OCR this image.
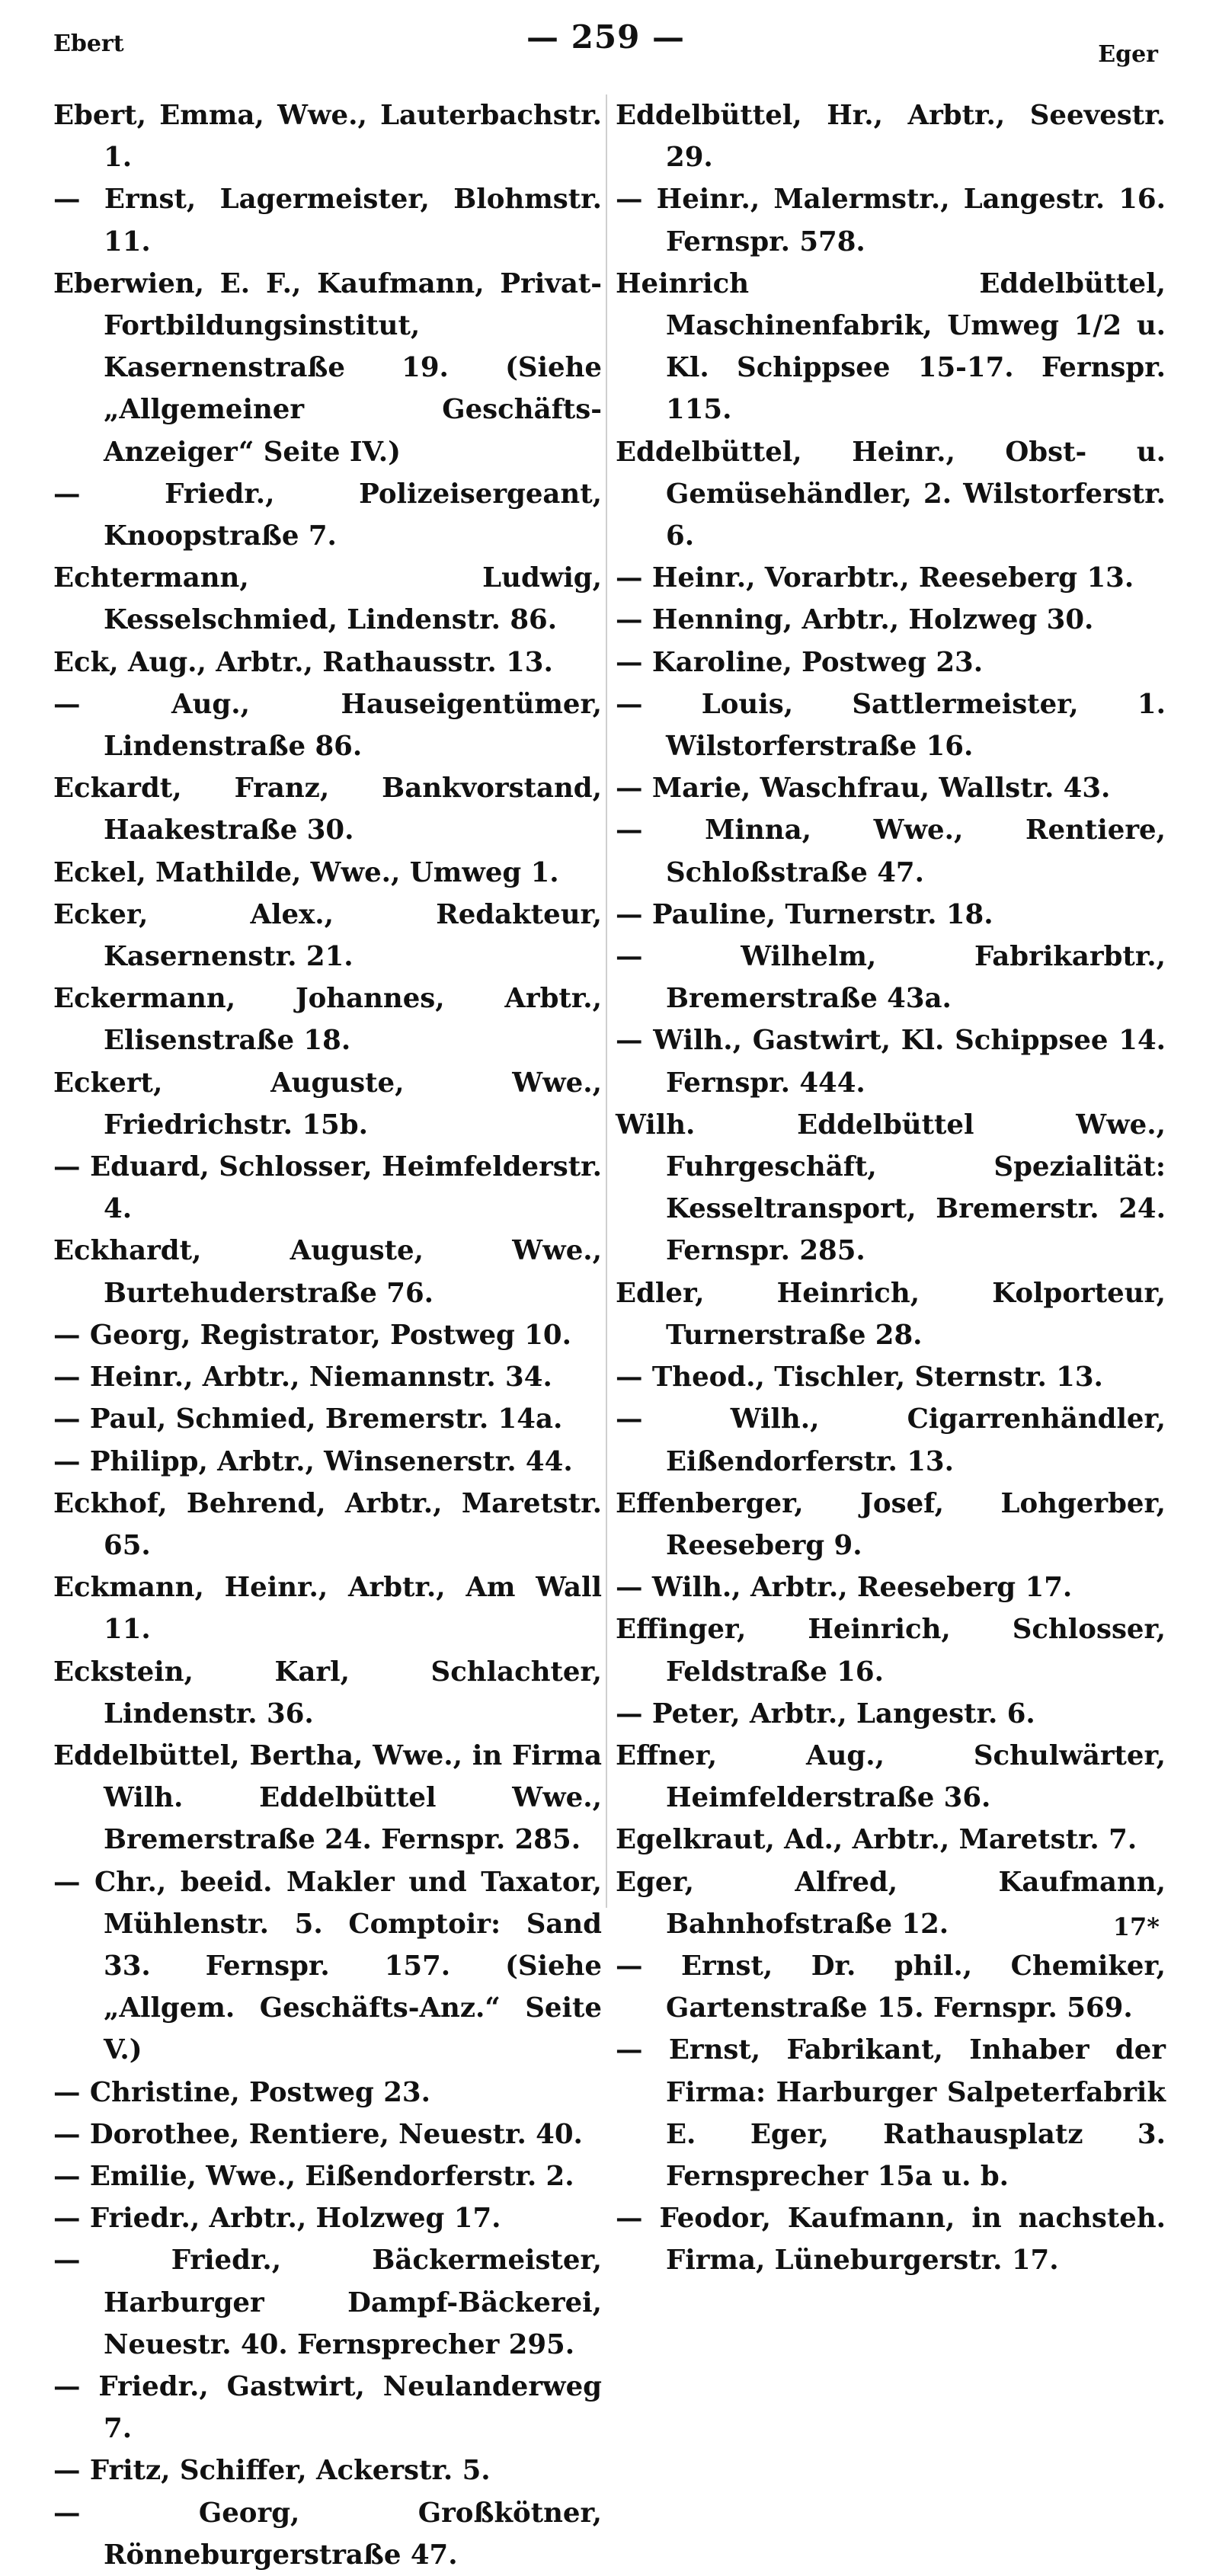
Ebert	— 259 —	Eger

Ebert, Emma, Wwe., Lauterbachstr. 1.

— Ernst, Lagermeister, Blohmstr. 11.

Eberwien, E. F., Kaufmann, Privat-Fortbildungsinstitut, Kasernenstraße 19. (Siehe „Allgemeiner Geschäfts-Anzeiger“ Seite IV.)

— Friedr., Polizeisergeant, Knoopstraße 7.

Echtermann, Ludwig, Kesselschmied, Lindenstr. 86.

Eck, Aug., Arbtr., Rathausstr. 13.

— Aug., Hauseigentümer, Lindenstraße 86.

Eckardt, Franz, Bankvorstand, Haakestraße 30.

Eckel, Mathilde, Wwe., Umweg 1.

Ecker, Alex., Redakteur, Kasernenstr. 21.

Eckermann, Johannes, Arbtr., Elisenstraße 18.

Eckert, Auguste, Wwe., Friedrichstr. 15b.

— Eduard, Schlosser, Heimfelderstr. 4.

Eckhardt, Auguste, Wwe., Burtehuderstraße 76.

— Georg, Registrator, Postweg 10.

— Heinr., Arbtr., Niemannstr. 34.

— Paul, Schmied, Bremerstr. 14a.

— Philipp, Arbtr., Winsenerstr. 44.

Eckhof, Behrend, Arbtr., Maretstr. 65.

Eckmann, Heinr., Arbtr., Am Wall 11.

Eckstein, Karl, Schlachter, Lindenstr. 36.

Eddelbüttel, Bertha, Wwe., in Firma Wilh. Eddelbüttel Wwe., Bremerstraße 24. Fernspr. 285.

— Chr., beeid. Makler und Taxator, Mühlenstr. 5. Comptoir: Sand 33. Fernspr. 157. (Siehe „Allgem. Geschäfts-Anz.“ Seite V.)

— Christine, Postweg 23.

— Dorothee, Rentiere, Neuestr. 40.

— Emilie, Wwe., Eißendorferstr. 2.

— Friedr., Arbtr., Holzweg 17.

— Friedr., Bäckermeister, Harburger Dampf-Bäckerei, Neuestr. 40. Fernsprecher 295.

— Friedr., Gastwirt, Neulanderweg 7.

— Fritz, Schiffer, Ackerstr. 5.

— Georg, Großkötner, Rönneburgerstraße 47.

Eddelbüttel, Hr., Arbtr., Seevestr. 29.

— Heinr., Malermstr., Langestr. 16. Fernspr. 578.

Heinrich Eddelbüttel, Maschinenfabrik, Umweg 1/2 u. Kl. Schippsee 15-17. Fernspr. 115.

Eddelbüttel, Heinr., Obst- u. Gemüsehändler, 2. Wilstorferstr. 6.

— Heinr., Vorarbtr., Reeseberg 13.

— Henning, Arbtr., Holzweg 30.

— Karoline, Postweg 23.

— Louis, Sattlermeister, 1. Wilstorferstraße 16.

— Marie, Waschfrau, Wallstr. 43.

— Minna, Wwe., Rentiere, Schloßstraße 47.

— Pauline, Turnerstr. 18.

— Wilhelm, Fabrikarbtr., Bremerstraße 43a.

— Wilh., Gastwirt, Kl. Schippsee 14. Fernspr. 444.

Wilh. Eddelbüttel Wwe., Fuhrgeschäft, Spezialität: Kesseltransport, Bremerstr. 24. Fernspr. 285.

Edler, Heinrich, Kolporteur, Turnerstraße 28.

— Theod., Tischler, Sternstr. 13.

— Wilh., Cigarrenhändler, Eißendorferstr. 13.

Effenberger, Josef, Lohgerber, Reeseberg 9.

— Wilh., Arbtr., Reeseberg 17.

Effinger, Heinrich, Schlosser, Feldstraße 16.

— Peter, Arbtr., Langestr. 6.

Effner, Aug., Schulwärter, Heimfelderstraße 36.

Egelkraut, Ad., Arbtr., Maretstr. 7.

Eger, Alfred, Kaufmann, Bahnhofstraße 12.

— Ernst, Dr. phil., Chemiker, Gartenstraße 15. Fernspr. 569.

— Ernst, Fabrikant, Inhaber der Firma: Harburger Salpeterfabrik E. Eger, Rathausplatz 3. Fernsprecher 15a u. b.

— Feodor, Kaufmann, in nachsteh. Firma, Lüneburgerstr. 17.

17*
